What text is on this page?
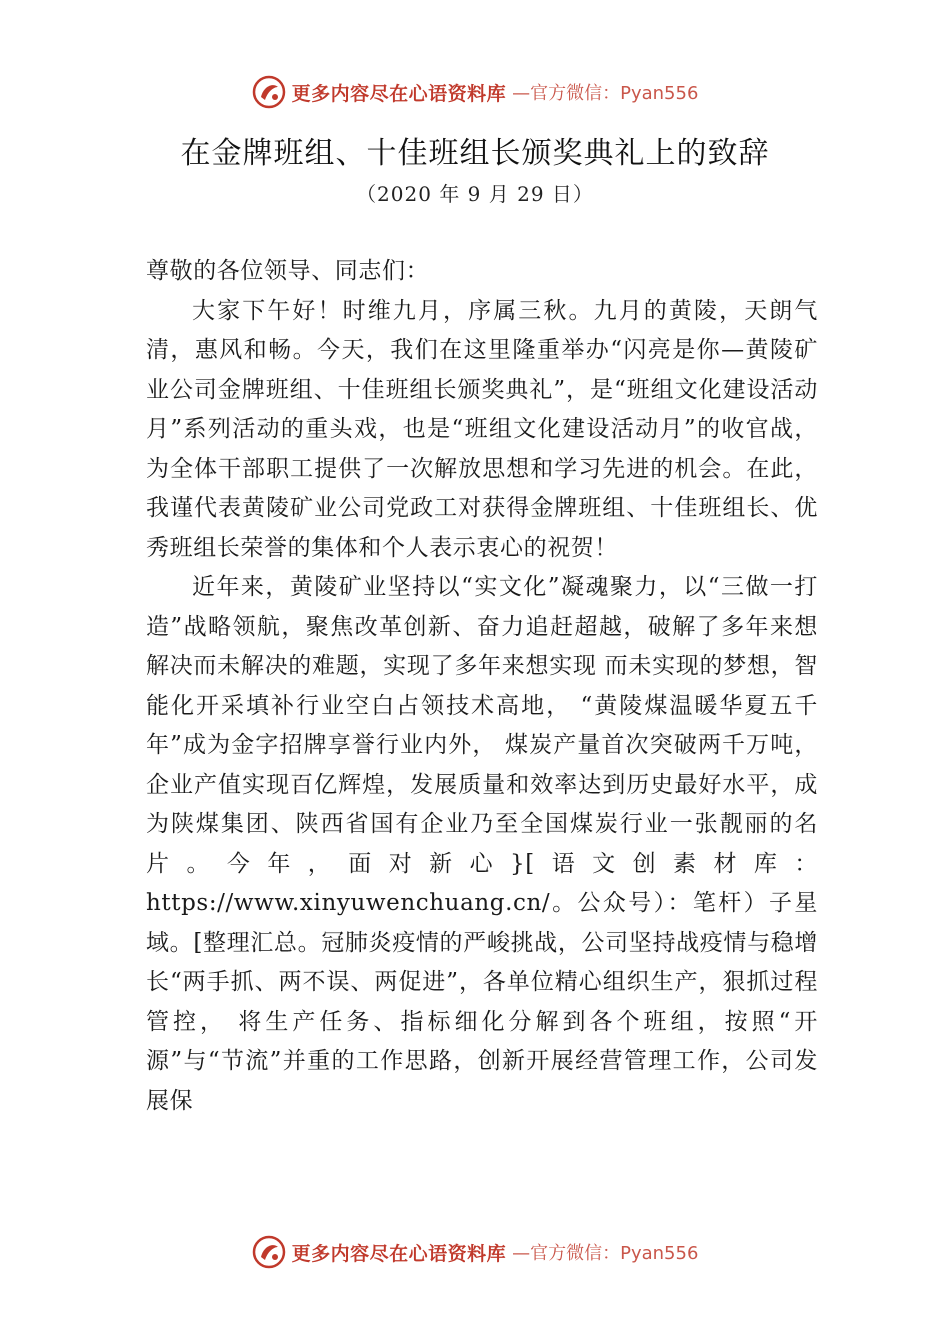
更多内容尽在心语资料库 —官方微信：Pyan556
在金牌班组、十佳班组长颁奖典礼上的致辞
（2020 年 9 月 29 日）

尊敬的各位领导、同志们：

大家下午好！时维九月，序属三秋。九月的黄陵，天朗气清，惠风和畅。今天，我们在这里隆重举办“闪亮是你—黄陵矿业公司金牌班组、十佳班组长颁奖典礼”，是“班组文化建设活动月”系列活动的重头戏，也是“班组文化建设活动月”的收官战，为全体干部职工提供了一次解放思想和学习先进的机会。在此，我谨代表黄陵矿业公司党政工对获得金牌班组、十佳班组长、优秀班组长荣誉的集体和个人表示衷心的祝贺！

近年来，黄陵矿业坚持以“实文化”凝魂聚力，以“三做一打造”战略领航，聚焦改革创新、奋力追赶超越，破解了多年来想解决而未解决的难题，实现了多年来想实现 而未实现的梦想，智能化开采填补行业空白占领技术高地， “黄陵煤温暖华夏五千年”成为金字招牌享誉行业内外， 煤炭产量首次突破两千万吨，企业产值实现百亿辉煌，发展质量和效率达到历史最好水平，成为陕煤集团、陕西省国有企业乃至全国煤炭行业一张靓丽的名片。今年，面对新心}[语文创素材库：https://www.xinyuwenchuang.cn/。公众号）：笔杆）子星域。[整理汇总。冠肺炎疫情的严峻挑战，公司坚持战疫情与稳增长“两手抓、两不误、两促进”，各单位精心组织生产，狠抓过程管控， 将生产任务、指标细化分解到各个班组，按照“开源”与“节流”并重的工作思路，创新开展经营管理工作，公司发展保

更多内容尽在心语资料库 —官方微信：Pyan556
